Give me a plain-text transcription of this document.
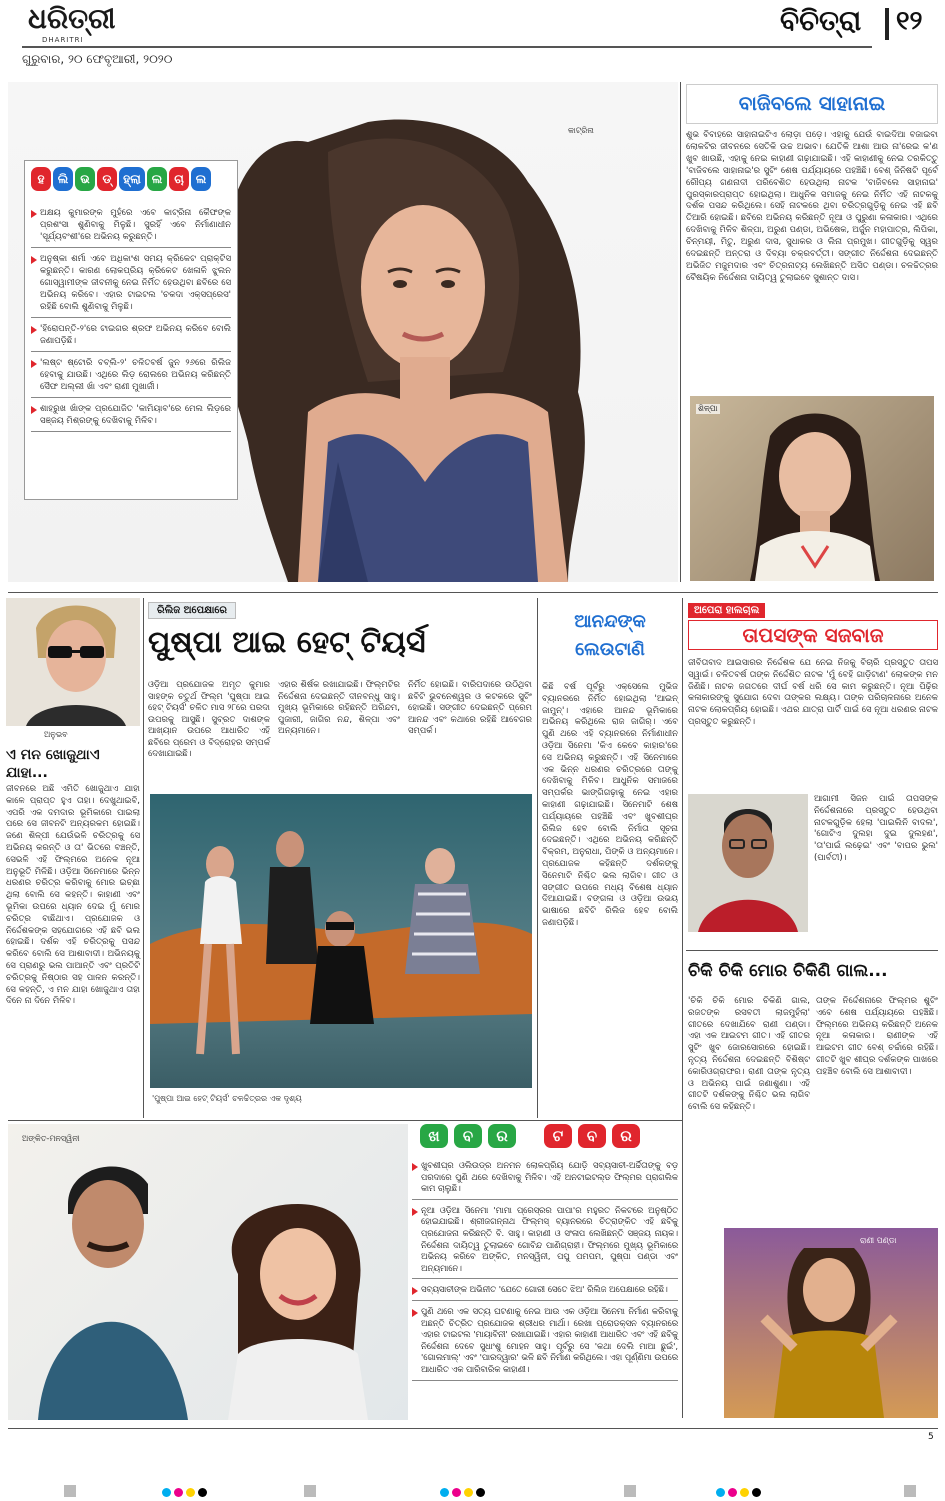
ଧରିତ୍ରୀ
DHARITRI
ଗୁରୁବାର, ୨୦ ଫେବୃଆରୀ, ୨୦୨୦
ବିଚିତ୍ରା ୧୨
କାଟ୍ରିନା
ହ ଲି ଭ ଡ୍ ହ୍ଲା ଲ ଚା ଲ
ଅକ୍ଷୟ କୁମାରଙ୍କ ମୁହଁରେ ଏବେ କାଟ୍ରିନା କୈଫଙ୍କ ପ୍ରଶଂସା ଶୁଣିବାକୁ ମିଳୁଛି। ସୁରହିଁ ଏବେ ନିର୍ମାଣାଧୀନ 'ସୂର୍ଯ୍ୟବଂଶୀ'ରେ ଅଭିନୟ କରୁଛନ୍ତି।
ଅନୁଷ୍କା ଶର୍ମା ଏବେ ଅଧିକାଂଶ ସମୟ କ୍ରିକେଟ ପ୍ରାକ୍ଟିସ କରୁଛନ୍ତି। କାରଣ ଲୋକପ୍ରିୟ କ୍ରିକେଟ ଖେଳାଳି ଝୁଲନ ଗୋସ୍ୱାମୀଙ୍କ ଜୀବନୀକୁ ନେଇ ନିର୍ମିତ ହେଉଥିବା ଛବିରେ ସେ ଅଭିନୟ କରିବେ। ଏହାର ଟାଇଟଲ 'ଚକଦା ଏକ୍ସପ୍ରେସ' ରହିଛି ବୋଲି ଶୁଣିବାକୁ ମିଳୁଛି।
'ହିରୋପନ୍ତି-୨'ରେ ଟାଇଗର ଶ୍ରଫ ଅଭିନୟ କରିବେ ବୋଲି ଜଣାପଡ଼ିଛି।
'ଲଷ୍ଟ ଷ୍ଟୋରି ବବ୍ଲି-୨' ଚଳିତବର୍ଷ ଜୁନ ୨୬ରେ ରିଲିଜ ହେବାକୁ ଯାଉଛି। ଏଥିରେ ଲିଡ଼ ରୋଲରେ ଅଭିନୟ କରିଛନ୍ତି ସୈଫ ଅଲ୍ଲୀ ଖାଁ ଏବଂ ରାଣୀ ମୁଖାର୍ଜୀ।
ଶାହରୁଖ ଖାଁଙ୍କ ପ୍ରଯୋଜିତ 'କାମିୟାବ'ରେ ମେଲ ଲିଡ଼ରେ ସଞ୍ଜୟ ମିଶ୍ରଙ୍କୁ ଦେଖିବାକୁ ମିଳିବ।
ବାଜିବଲେ ସାହାନାଇ
ଶୁଭ ବିବାହରେ ସାହାନାଇଟିଏ ଲୋଡ଼ା ପଡ଼େ। ଏହାକୁ ଯେଉଁ ବାଇଦିଆ ବଜାଇବା ଲୋକଟିର ଜୀବନରେ ସେତିକି ଉଚ୍ଚ ଅଭାବ। ଯେତିକି ଆଶା ଆଉ ନା'ରେଇ କ'ଣ ଖୁବ ଖାଉଛି, ଏହାକୁ ନେଇ କାହାଣୀ ଗଢ଼ାଯାଇଛି। ଏହି କାହାଣୀକୁ ନେଇ ତରକିତ୍ତୁ 'ବାଜିବଲେ ସାହାନାଇ'ର ସୁଟିଂ ଶେଷ ପର୍ଯ୍ୟାୟରେ ପହଞ୍ଚିଛି। ବେଶ୍ ଜିନିଷଟି ପୂର୍ବେ ରୌପ୍ୟ ଗଣନାଦୀ ପରିବେଶିତ ହେଉଥିଲା ନାଟକ 'ବାଜିବଲେ ସାହାନାଇ' ପୁରସ୍କାରପ୍ରାପ୍ତ ହୋଇଥିଲା। ଆଧୁନିକ ସମାଜକୁ ନେଇ ନିର୍ମିତ ଏହି ନାଟକକୁ ଦର୍ଶକ ପସନ୍ଦ କରିଥିଲେ। ସେହି ନାଟକରେ ଥିବା ଚରିତ୍ରଗୁଡ଼ିକୁ ନେଇ ଏହି ଛବି ତିଆରି ହୋଇଛି। ଛବିରେ ଅଭିନୟ କରିଛନ୍ତି ନୂଆ ଓ ପୁରୁଣା କଳାକାର। ଏଥିରେ ଦେଖିବାକୁ ମିଳିବ ଶିଳ୍ପା, ଅରୁଣ ପଣ୍ଡା, ଅଭିଷେକ, ଅର୍ଜୁନ ମହାପାତ୍ର, ଲିପିକା, ଚିନ୍ମୟୀ, ମିତୁ, ଅରୁଣ ଦାସ, ସୁଧାକର ଓ ଲିନା ପ୍ରମୁଖ। ଗୀତଗୁଡ଼ିକୁ ସ୍ୱର ଦେଇଛନ୍ତି ଅନ୍ତରା ଓ ଦିବ୍ୟା ଚକ୍ରବର୍ତ୍ତୀ। ସଙ୍ଗୀତ ନିର୍ଦ୍ଦେଶନା ଦେଇଛନ୍ତି ଅଭିଜିତ ମଜୁମଦାର ଏବଂ ଚିତ୍ରନାଟ୍ୟ ଲେଖିଛନ୍ତି ଅସିତ ପଣ୍ଡା। ଚଳଚ୍ଚିତ୍ରର ବୈଷୟିକ ନିର୍ଦ୍ଦେଶନା ଦାୟିତ୍ୱ ତୁଲାଇବେ ସୁଶାନ୍ତ ଦାସ।
ଶିଳ୍ପା
ଅନୁଭବ
ଏ ମନ ଖୋଜୁଥାଏ ଯାହା...
ଜୀବନରେ ଅଛି ଏମିତି ଖୋଜୁଥାଏ ଯାହା କାଳେ ପ୍ରାପ୍ତ ହୁଏ ତାହା। ଦେଖୁଥାଇବି, ଏପରି ଏକ ଦମଦାର ଭୂମିକାରେ ପାଇଲା ପରେ ସେ ଜୀବନଟି ଅନ୍ୟରକମ ହୋଇଛି। ଜଣେ ଶିଳ୍ପୀ ଯେଉଁଭଳି ଚରିତ୍ରକୁ ସେ ଅଭିନୟ କରନ୍ତି ଓ ତା' ଭିତରେ ବଞ୍ଚନ୍ତି, ସେଭଳି ଏହି ଫିଲ୍ମରେ ଅନେକ ନୂଆ ଅନୁଭୂତି ମିଳିଛି। ଓଡ଼ିଆ ସିନେମାରେ ଭିନ୍ନ ଧରଣର ଚରିତ୍ର କରିବାକୁ ମୋର ଇଚ୍ଛା ଥିଲା ବୋଲି ସେ କହନ୍ତି। କାହାଣୀ ଏବଂ ଭୂମିକା ଉପରେ ଧ୍ୟାନ ଦେଇ ମୁଁ ମୋର ଚରିତ୍ର ବାଛିଥାଏ। ପ୍ରଯୋଜକ ଓ ନିର୍ଦ୍ଦେଶକଙ୍କ ସହଯୋଗରେ ଏହି ଛବି ଭଲ ହୋଇଛି। ଦର୍ଶକ ଏହି ଚରିତ୍ରକୁ ପସନ୍ଦ କରିବେ ବୋଲି ସେ ଆଶାବାଦୀ। ଅଭିନୟକୁ ସେ ପ୍ରାଣରୁ ଭଲ ପାଆନ୍ତି ଏବଂ ପ୍ରତିଟି ଚରିତ୍ରକୁ ନିଷ୍ଠାର ସହ ପାଳନ କରନ୍ତି। ସେ କହନ୍ତି, ଏ ମନ ଯାହା ଖୋଜୁଥାଏ ତାହା ଦିନେ ନା ଦିନେ ମିଳିବ।
ରିଲିଜ ଅପେକ୍ଷାରେ
ପୁଷ୍ପା ଆଇ ହେଟ୍ ଟିୟର୍ସ
ଓଡ଼ିଆ ପ୍ରଯୋଜକ ଅମୃତ କୁମାର ସାହଙ୍କ ଚତୁର୍ଥ ଫିଲ୍ମ 'ପୁଷ୍ପା ଆଇ ହେଟ୍ ଟିୟର୍ସ' ଚଳିତ ମାସ ୨୮ରେ ପରଦା ଉପରକୁ ଆସୁଛି। ସୁବ୍ରତ ଦାଶଙ୍କ ଆଖ୍ୟାନ ଉପରେ ଆଧାରିତ ଏହି ଛବିରେ ପ୍ରେମ ଓ ବିଦ୍ରୋହର ସମ୍ପର୍କ ଦେଖାଯାଇଛି।
ଏହାର ଶିର୍ଷକ ରଖାଯାଇଛି। ଫିଲ୍ମଟିର ନିର୍ଦ୍ଦେଶନା ଦେଇଛନ୍ତି ଦୀନବନ୍ଧୁ ସାହୁ। ମୁଖ୍ୟ ଭୂମିକାରେ ରହିଛନ୍ତି ଅରିନ୍ଦମ, ପୁଜାରୀ, ଜାଗିର ନନ୍ଦ, ଶିଳ୍ପା ଏବଂ ଅନ୍ୟମାନେ।
ନିର୍ମିତ ହୋଇଛି। ବାରିପଦାରେ ଉଠିଥିବା ଛବିଟି ଭୁବନେଶ୍ୱର ଓ କଟକରେ ସୁଟିଂ ହୋଇଛି। ସଙ୍ଗୀତ ଦେଇଛନ୍ତି ପ୍ରେମ ଆନନ୍ଦ ଏବଂ କଥାରେ ରହିଛି ଆବେଗର ସମ୍ପର୍କ।
'ପୁଷ୍ପା ଆଇ ହେଟ୍ ଟିୟର୍ସ' ଚଳଚ୍ଚିତ୍ରର ଏକ ଦୃଶ୍ୟ
ଆନନ୍ଦଙ୍କ ଲେଉଟାଣି
କିଛି ବର୍ଷ ପୂର୍ବରୁ ଏକ୍ସେଲେ ମୁଭିଜ ବ୍ୟାନରରେ ନିର୍ମିତ ହୋଇଥିଲା 'ଆଇନ୍ ଜାମୁନ୍'। ଏହାରେ ଆନନ୍ଦ ଭୂମିକାରେ ଅଭିନୟ କରିଥିଲେ ରାଜ ଜାଗିର୍। ଏବେ ପୁଣି ଥରେ ଏହି ବ୍ୟାନରରେ ନିର୍ମାଣାଧୀନ ଓଡ଼ିଆ ସିନେମା 'କିଏ କେବେ କାହାର'ରେ ସେ ଅଭିନୟ କରୁଛନ୍ତି। ଏହି ସିନେମାରେ ଏକ ଭିନ୍ନ ଧରଣର ଚରିତ୍ରରେ ତାଙ୍କୁ ଦେଖିବାକୁ ମିଳିବ। ଆଧୁନିକ ସମାଜରେ ସମ୍ପର୍କର ଭାଙ୍ଗିଗଢ଼ାକୁ ନେଇ ଏହାର କାହାଣୀ ଗଢ଼ାଯାଇଛି। ସିନେମାଟି ଶେଷ ପର୍ଯ୍ୟାୟରେ ପହଞ୍ଚିଛି ଏବଂ ଖୁବଶୀଘ୍ର ରିଲିଜ ହେବ ବୋଲି ନିର୍ମାତା ସୂଚନା ଦେଇଛନ୍ତି। ଏଥିରେ ଅଭିନୟ କରିଛନ୍ତି ବିକ୍ରମ, ଅନୁରାଧା, ପିଙ୍କି ଓ ଅନ୍ୟମାନେ। ପ୍ରଯୋଜକ କହିଛନ୍ତି ଦର୍ଶକଙ୍କୁ ସିନେମାଟି ନିଶ୍ଚିତ ଭଲ ଲାଗିବ। ଗୀତ ଓ ସଙ୍ଗୀତ ଉପରେ ମଧ୍ୟ ବିଶେଷ ଧ୍ୟାନ ଦିଆଯାଇଛି। ବଙ୍ଗଳା ଓ ଓଡ଼ିଆ ଉଭୟ ଭାଷାରେ ଛବିଟି ରିଲିଜ ହେବ ବୋଲି ଜଣାପଡ଼ିଛି।
ଅପେରା ହାଲଚାଲ
ତାପସଙ୍କ ସଜବାଜ
ଜୀବିତାବାଦ ଆଇସାରର ନିର୍ଦ୍ଦେଶକ ଯେ ନେଇ ନିଜକୁ ବିଚାରି ପ୍ରସ୍ତୁତ ତାପସ ସ୍ୱାଇଁ। ଚଳିତବର୍ଷ ତାଙ୍କ ନିର୍ଦ୍ଦେଶିତ ନାଟକ 'ମୁଁ ବେହି ଗାଡ଼ିଟାଣ' ଲୋକଙ୍କ ମନ ଜିଣିଛି। ନାଟକ ଜଗତରେ ଦୀର୍ଘ ବର୍ଷ ଧରି ସେ କାମ କରୁଛନ୍ତି। ନୂଆ ପିଢ଼ିର କଳାକାରଙ୍କୁ ସୁଯୋଗ ଦେବା ତାଙ୍କର ଲକ୍ଷ୍ୟ। ତାଙ୍କ ପରିଚାଳନାରେ ଅନେକ ନାଟକ ଲୋକପ୍ରିୟ ହୋଇଛି। ଏଥର ଯାତ୍ରା ପାର୍ଟି ପାଇଁ ସେ ନୂଆ ଧରଣର ନାଟକ ପ୍ରସ୍ତୁତ କରୁଛନ୍ତି।
ଆଗାମୀ ସିଜନ ପାଇଁ ତାପସଙ୍କ ନିର୍ଦ୍ଦେଶନାରେ ପ୍ରସ୍ତୁତ ହେଉଥିବା ନାଟକଗୁଡ଼ିକ ହେଲା 'ପାଇଲିନି ବାଦଲ', 'ଗୋଟିଏ ଦୁଲହା ଦୁଇ ଦୁଲହଣ', 'ତା'ପାଇଁ ଲଢ଼େଇ' ଏବଂ 'ବାପର ଭୁଲ' (ପାର୍ବତୀ)।
ଚିକି ଚିକି ମୋର ଚିକିଣି ଗାଲ...
'ଚିକି ଚିକି ମୋର ଚିକିଣି ଗାଲ, ରଜତଙ୍କ ରସବତୀ ଲାଜମୁହଁଲା' ଗୀତରେ ଦେଖାଯିବେ ରାଣୀ ପଣ୍ଡା। ଏହା ଏକ ଆଇଟମ ଗୀତ। ଏହି ଗୀତର ସୁଟିଂ ଖୁବ ଜୋରସୋରରେ ହୋଇଛି। ନୃତ୍ୟ ନିର୍ଦ୍ଦେଶନା ଦେଇଛନ୍ତି ବିଶିଷ୍ଟ କୋରିଓଗ୍ରାଫର। ରାଣୀ ତାଙ୍କ ନୃତ୍ୟ ଓ ଅଭିନୟ ପାଇଁ ଜଣାଶୁଣା। ଏହି ଗୀତଟି ଦର୍ଶକଙ୍କୁ ନିଶ୍ଚିତ ଭଲ ଲାଗିବ ବୋଲି ସେ କହିଛନ୍ତି।
ତାଙ୍କ ନିର୍ଦ୍ଦେଶନାରେ ଫିଲ୍ମର ଶୁଟିଂ ଏବେ ଶେଷ ପର୍ଯ୍ୟାୟରେ ପହଞ୍ଚିଛି। ଫିଲ୍ମରେ ଅଭିନୟ କରିଛନ୍ତି ଅନେକ ନୂଆ କଳାକାର। ରାଣୀଙ୍କ ଏହି ଆଇଟମ ଗୀତ ବେଶ୍ ଚର୍ଚ୍ଚାରେ ରହିଛି। ଗୀତଟି ଖୁବ ଶୀଘ୍ର ଦର୍ଶକଙ୍କ ପାଖରେ ପହଞ୍ଚିବ ବୋଲି ସେ ଆଶାବାଦୀ।
ରାଣୀ ପଣ୍ଡା
ଅଙ୍କିତ-ମନସ୍ୱିନୀ	ଖ ବ ର	ଟ ବ ର
ଖୁବଶୀଘ୍ର ଓଲିଉଡ୍‌ର ଅନମନ ଲୋକପ୍ରିୟ ଯୋଡ଼ି ସବ୍ୟସାଚୀ-ଅର୍ଚ୍ଚିତାଙ୍କୁ ବଡ଼ ପରଦାରେ ପୁଣି ଥରେ ଦେଖିବାକୁ ମିଳିବ। ଏହି ଅନଟାଇଟଲ୍ଡ ଫିଲ୍ମର ପ୍ରାଗଲିକ କାମ ଚାଲୁଛି।
ନୂଆ ଓଡ଼ିଆ ସିନେମା 'ମାମା ପ୍ରେସ୍ରର ପାପା'ର ମହୁରତ ନିକଟରେ ଅନୁଷ୍ଠିତ ହୋଇଯାଇଛି। ଶ୍ରୀଜଗନ୍ନାଥ ଫିଲ୍ମସ୍ ବ୍ୟାନରରେ ଚିତ୍ରାଙ୍କିତ ଏହି ଛବିକୁ ପ୍ରଯୋଜନା କରିଛନ୍ତି ବି. ସାହୁ। କାହାଣୀ ଓ ସଂଳାପ ଲେଖିଛନ୍ତି ସଞ୍ଜୟ ନାୟକ। ନିର୍ଦ୍ଦେଶନା ଦାୟିତ୍ୱ ତୁଲାଇବେ ଗୋବିନ୍ଦ ପାଣିଗ୍ରାହୀ। ଫିଲ୍ମରେ ମୁଖ୍ୟ ଭୂମିକାରେ ଅଭିନୟ କରିବେ ଅଙ୍କିତ, ମନସ୍ୱିନୀ, ପପୁ ପମପମ, ପୁଷ୍ପା ପଣ୍ଡା ଏବଂ ଅନ୍ୟମାନେ।
ସବ୍ୟସାଚୀଙ୍କ ଅଭିନୀତ 'ଯେତେ ଗୋରୀ ସେତେ ଝିଅ' ରିଲିଜ ଅପେକ୍ଷାରେ ରହିଛି।
ପୁଣି ଥରେ ଏକ ସତ୍ୟ ଘଟଣାକୁ ନେଇ ଆଉ ଏକ ଓଡ଼ିଆ ସିନେମା ନିର୍ମାଣ କରିବାକୁ ଅଛନ୍ତି ଚିତ୍ରିତ ପ୍ରଯୋଜକ ଶ୍ରୀଧର ମାର୍ଥା। ରେଖା ପ୍ରୋଡକ୍ସନ ବ୍ୟାନରରେ ଏହାର ଟାଇଟଲ 'ମାୟାବିନୀ' ରଖାଯାଇଛି। ଏହାର କାହାଣୀ ଆଧାରିତ ଏବଂ ଏହି ଛବିକୁ ନିର୍ଦ୍ଦେଶନା ଦେବେ ସୁଧାଂଶୁ ମୋହନ ସାହୁ। ପୂର୍ବରୁ ସେ 'କଥା ଦେଲି ମାଆ ଛୁଇଁ', 'ଗୋଲମାଲ୍' ଏବଂ 'ପାରଦ୍ୱାର' ଭଳି ଛବି ନିର୍ମାଣ କରିଥିଲେ। ଏହା ପୂର୍ଣ୍ଣିମା ଉପରେ ଆଧାରିତ ଏକ ପାରିବାରିକ କାହାଣୀ।
5
